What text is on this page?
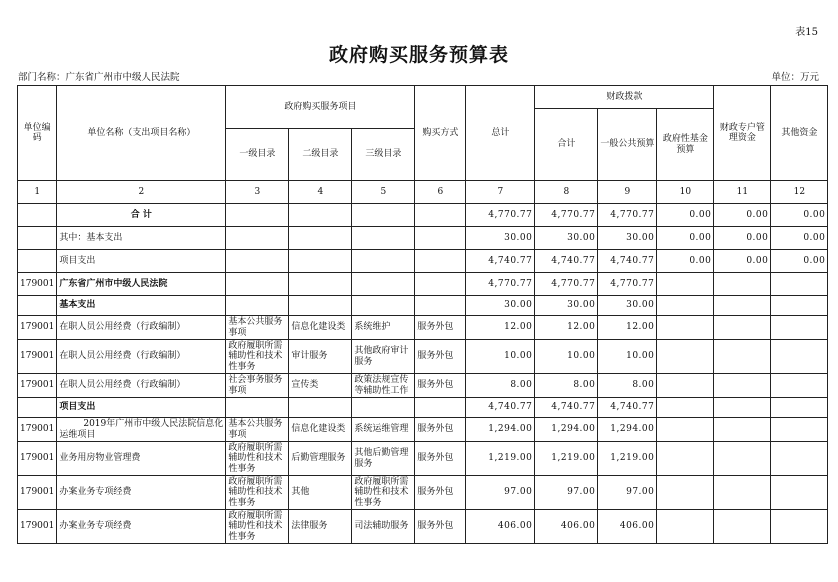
表15
政府购买服务预算表
部门名称：广东省广州市中级人民法院	单位：万元
单位编码	单位名称（支出项目名称）	政府购买服务项目			购买方式	总计	财政拨款			财政专户管理资金	其他资金
							合计	一般公共预算	政府性基金预算		
		一级目录	二级目录	三级目录							
1	2	3	4	5	6	7	8	9	10	11	12
	合 计					4,770.77	4,770.77	4,770.77	0.00	0.00	0.00
	其中：基本支出					30.00	30.00	30.00	0.00	0.00	0.00
	项目支出					4,740.77	4,740.77	4,740.77	0.00	0.00	0.00
179001	广东省广州市中级人民法院					4,770.77	4,770.77	4,770.77			
	基本支出					30.00	30.00	30.00			
179001	在职人员公用经费（行政编制）	基本公共服务事项	信息化建设类	系统维护	服务外包	12.00	12.00	12.00			
179001	在职人员公用经费（行政编制）	政府履职所需辅助性和技术性事务	审计服务	其他政府审计服务	服务外包	10.00	10.00	10.00			
179001	在职人员公用经费（行政编制）	社会事务服务事项	宣传类	政策法规宣传等辅助性工作	服务外包	8.00	8.00	8.00			
	项目支出					4,740.77	4,740.77	4,740.77			
179001	2019年广州市中级人民法院信息化运维项目	基本公共服务事项	信息化建设类	系统运维管理	服务外包	1,294.00	1,294.00	1,294.00			
179001	业务用房物业管理费	政府履职所需辅助性和技术性事务	后勤管理服务	其他后勤管理服务	服务外包	1,219.00	1,219.00	1,219.00			
179001	办案业务专项经费	政府履职所需辅助性和技术性事务	其他	政府履职所需辅助性和技术性事务	服务外包	97.00	97.00	97.00			
179001	办案业务专项经费	政府履职所需辅助性和技术性事务	法律服务	司法辅助服务	服务外包	406.00	406.00	406.00			
